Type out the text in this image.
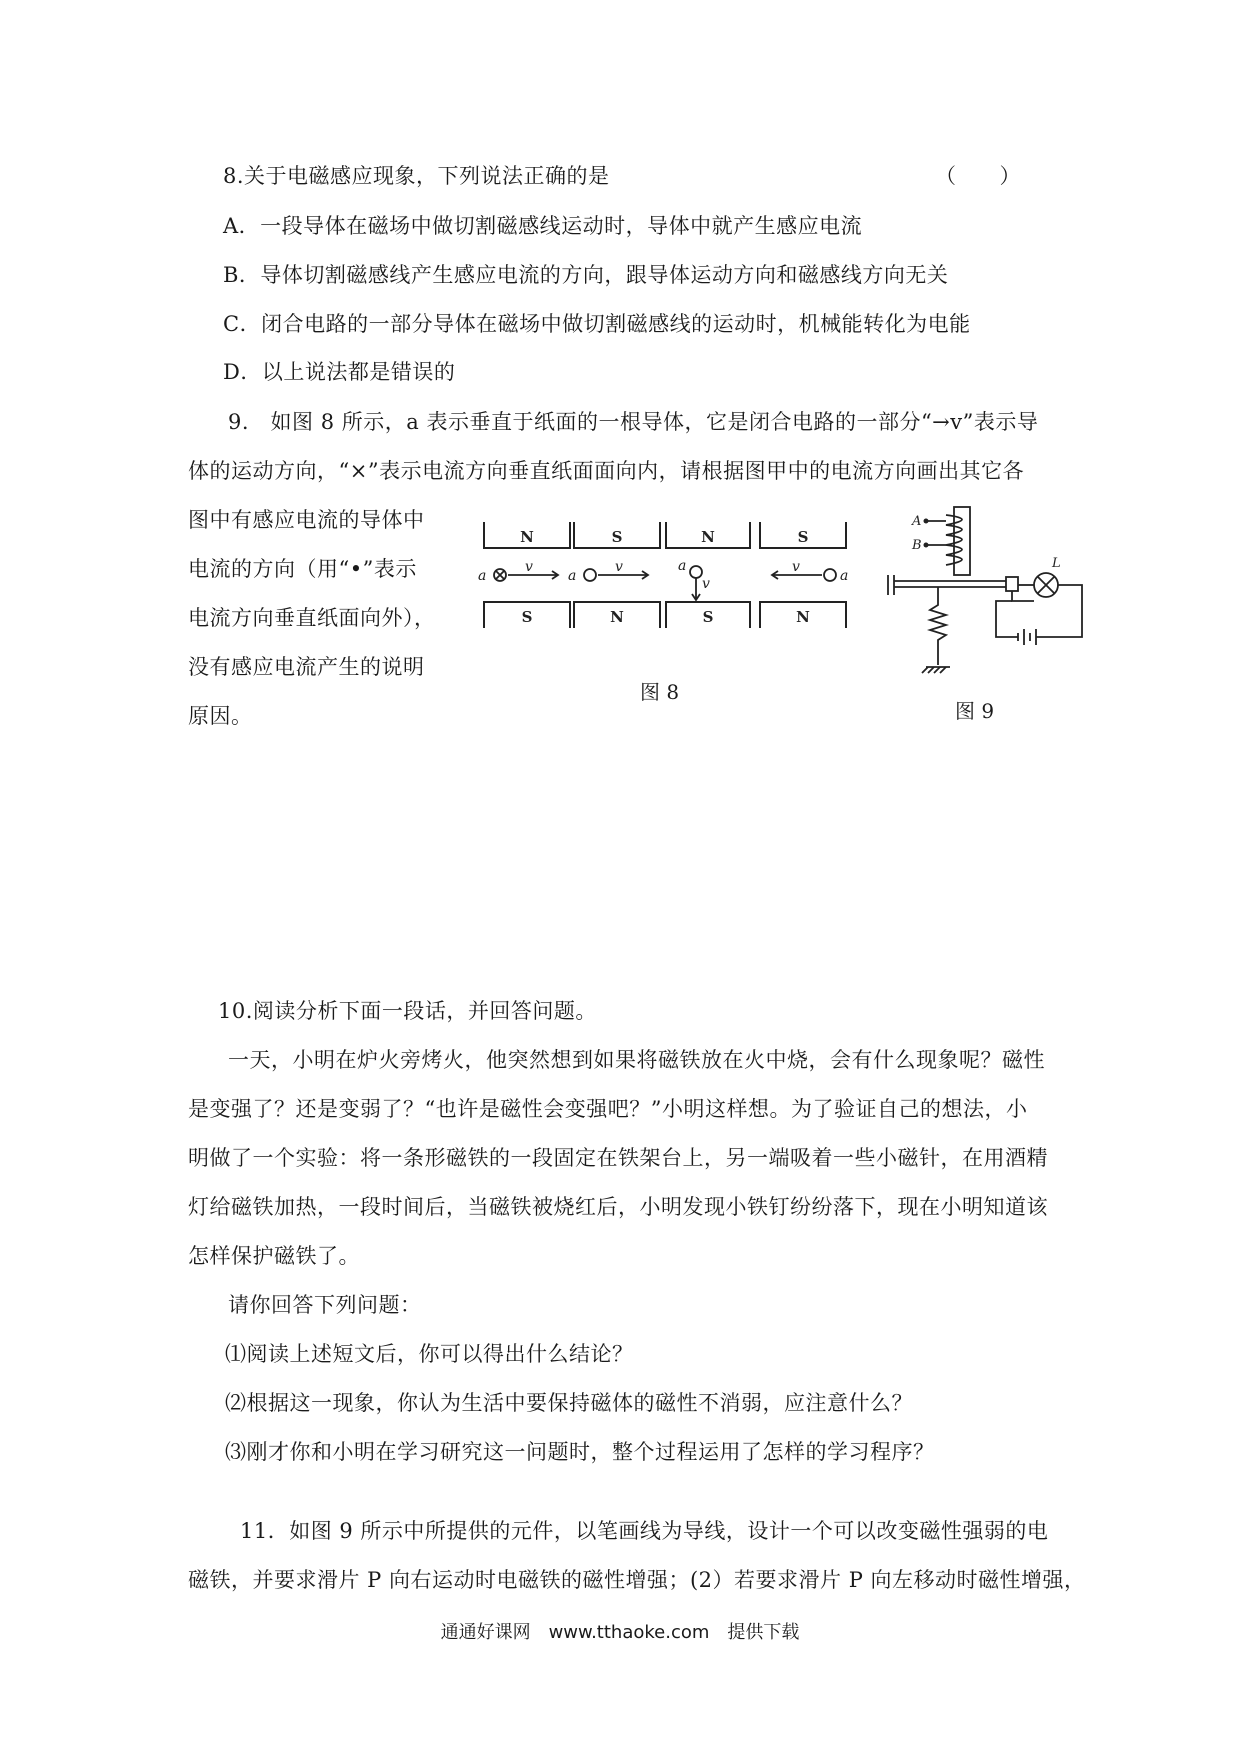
8.关于电磁感应现象，下列说法正确的是	（　　）
A．一段导体在磁场中做切割磁感线运动时，导体中就产生感应电流
B．导体切割磁感线产生感应电流的方向，跟导体运动方向和磁感线方向无关
C．闭合电路的一部分导体在磁场中做切割磁感线的运动时，机械能转化为电能
D．以上说法都是错误的
9.　如图 8 所示，a 表示垂直于纸面的一根导体，它是闭合电路的一部分“→v”表示导
体的运动方向，“×”表示电流方向垂直纸面面向内，请根据图甲中的电流方向画出其它各
图中有感应电流的导体中
电流的方向（用“•”表示
电流方向垂直纸面向外），
没有感应电流产生的说明
原因。
N
S
S
N
N
S
S
N
a
v
a
v	a
v	a
v
图 8
A
B
L
图 9
10.阅读分析下面一段话，并回答问题。
一天，小明在炉火旁烤火，他突然想到如果将磁铁放在火中烧，会有什么现象呢？磁性
是变强了？还是变弱了？“也许是磁性会变强吧？”小明这样想。为了验证自己的想法，小
明做了一个实验：将一条形磁铁的一段固定在铁架台上，另一端吸着一些小磁针，在用酒精
灯给磁铁加热，一段时间后，当磁铁被烧红后，小明发现小铁钉纷纷落下，现在小明知道该
怎样保护磁铁了。
请你回答下列问题：
⑴阅读上述短文后，你可以得出什么结论？
⑵根据这一现象，你认为生活中要保持磁体的磁性不消弱，应注意什么？
⑶刚才你和小明在学习研究这一问题时，整个过程运用了怎样的学习程序？
11．如图 9 所示中所提供的元件，以笔画线为导线，设计一个可以改变磁性强弱的电
磁铁，并要求滑片 P 向右运动时电磁铁的磁性增强；(2）若要求滑片 P 向左移动时磁性增强，
通通好课网　www.tthaoke.com　提供下载
